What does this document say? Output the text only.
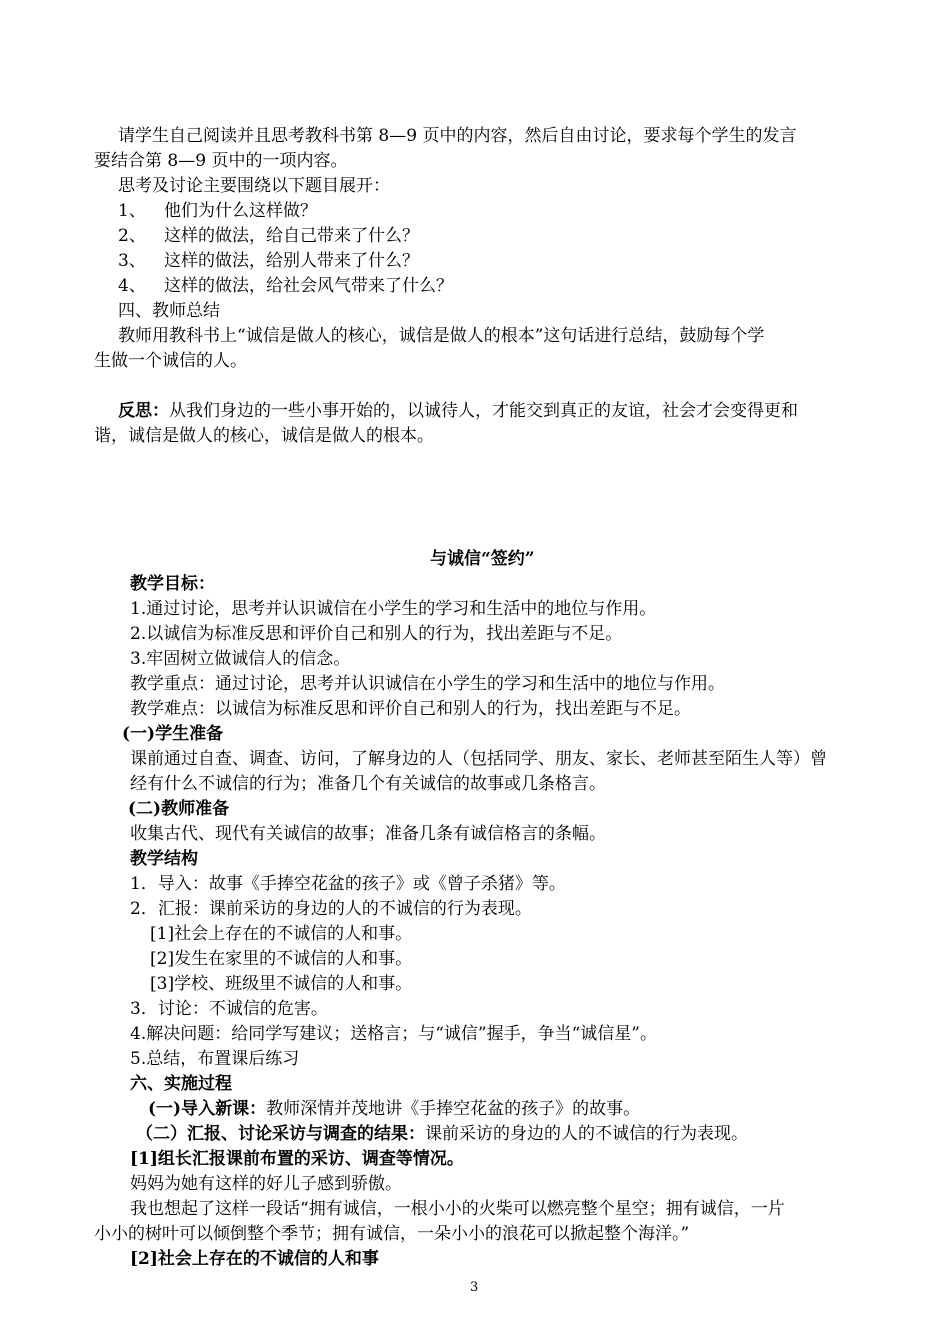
请学生自己阅读并且思考教科书第 8—9 页中的内容，然后自由讨论，要求每个学生的发言
要结合第 8—9 页中的一项内容。
思考及讨论主要围绕以下题目展开：
1、 他们为什么这样做？
2、 这样的做法，给自己带来了什么？
3、 这样的做法，给别人带来了什么？
4、 这样的做法，给社会风气带来了什么？
四、教师总结
教师用教科书上“诚信是做人的核心，诚信是做人的根本”这句话进行总结，鼓励每个学
生做一个诚信的人。
反思：从我们身边的一些小事开始的，以诚待人，才能交到真正的友谊，社会才会变得更和
谐，诚信是做人的核心，诚信是做人的根本。
与诚信“签约”
教学目标：
1.通过讨论，思考并认识诚信在小学生的学习和生活中的地位与作用。
2.以诚信为标准反思和评价自己和别人的行为，找出差距与不足。
3.牢固树立做诚信人的信念。
教学重点：通过讨论，思考并认识诚信在小学生的学习和生活中的地位与作用。
教学难点：以诚信为标准反思和评价自己和别人的行为，找出差距与不足。
(一)学生准备
课前通过自查、调查、访问，了解身边的人（包括同学、朋友、家长、老师甚至陌生人等）曾
经有什么不诚信的行为；准备几个有关诚信的故事或几条格言。
(二)教师准备
收集古代、现代有关诚信的故事；准备几条有诚信格言的条幅。
教学结构
1．导入：故事《手捧空花盆的孩子》或《曾子杀猪》等。
2．汇报：课前采访的身边的人的不诚信的行为表现。
[1]社会上存在的不诚信的人和事。
[2]发生在家里的不诚信的人和事。
[3]学校、班级里不诚信的人和事。
3．讨论：不诚信的危害。
4.解决问题：给同学写建议；送格言；与“诚信”握手，争当“诚信星”。
5.总结，布置课后练习
六、实施过程
(一)导入新课：教师深情并茂地讲《手捧空花盆的孩子》的故事。
（二）汇报、讨论采访与调查的结果：课前采访的身边的人的不诚信的行为表现。
[1]组长汇报课前布置的采访、调查等情况。
妈妈为她有这样的好儿子感到骄傲。
我也想起了这样一段话“拥有诚信，一根小小的火柴可以燃亮整个星空；拥有诚信，一片
小小的树叶可以倾倒整个季节；拥有诚信，一朵小小的浪花可以掀起整个海洋。”
[2]社会上存在的不诚信的人和事
3
